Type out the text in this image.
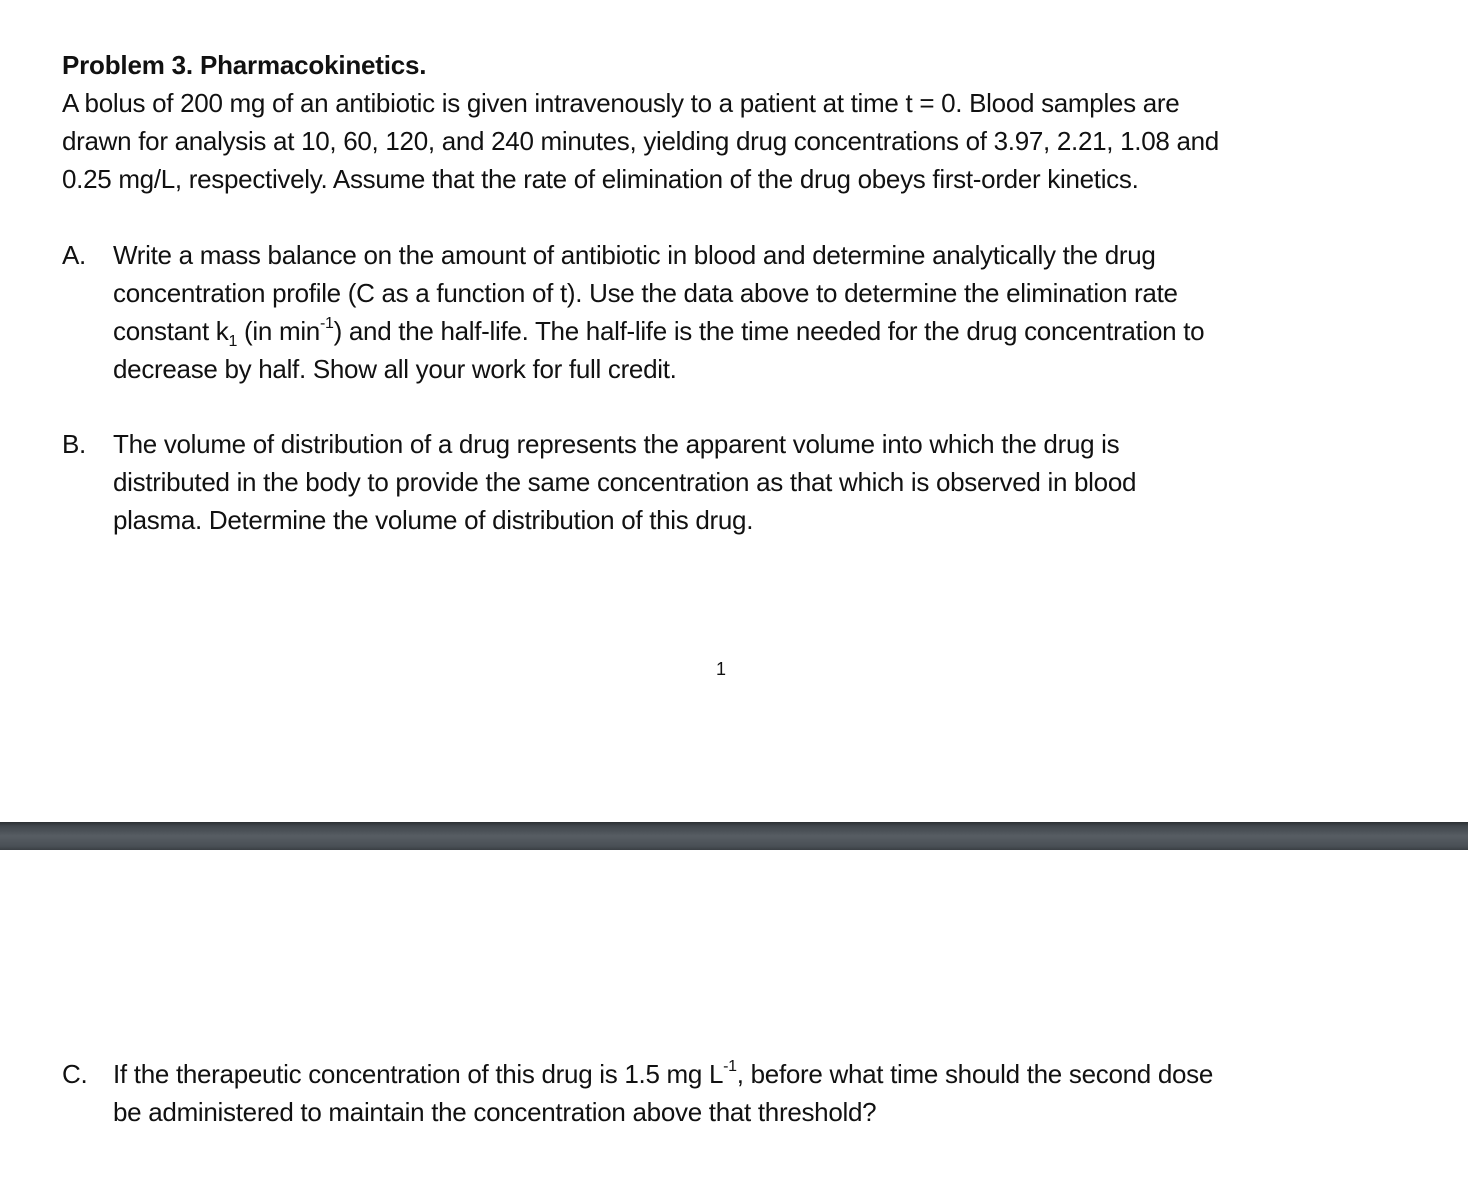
Problem 3. Pharmacokinetics.

A bolus of 200 mg of an antibiotic is given intravenously to a patient at time t = 0. Blood samples are

drawn for analysis at 10, 60, 120, and 240 minutes, yielding drug concentrations of 3.97, 2.21, 1.08 and

0.25 mg/L, respectively. Assume that the rate of elimination of the drug obeys first-order kinetics.

A.	Write a mass balance on the amount of antibiotic in blood and determine analytically the drug

concentration profile (C as a function of t). Use the data above to determine the elimination rate

constant $k_1$ (in $\min^{-1}$) and the half-life. The half-life is the time needed for the drug concentration to

decrease by half. Show all your work for full credit.

B.	The volume of distribution of a drug represents the apparent volume into which the drug is

distributed in the body to provide the same concentration as that which is observed in blood

plasma. Determine the volume of distribution of this drug.

1
C. If the therapeutic concentration of this drug is 1.5 mg $L^{-1}$, before what time should the second dose

be administered to maintain the concentration above that threshold?
